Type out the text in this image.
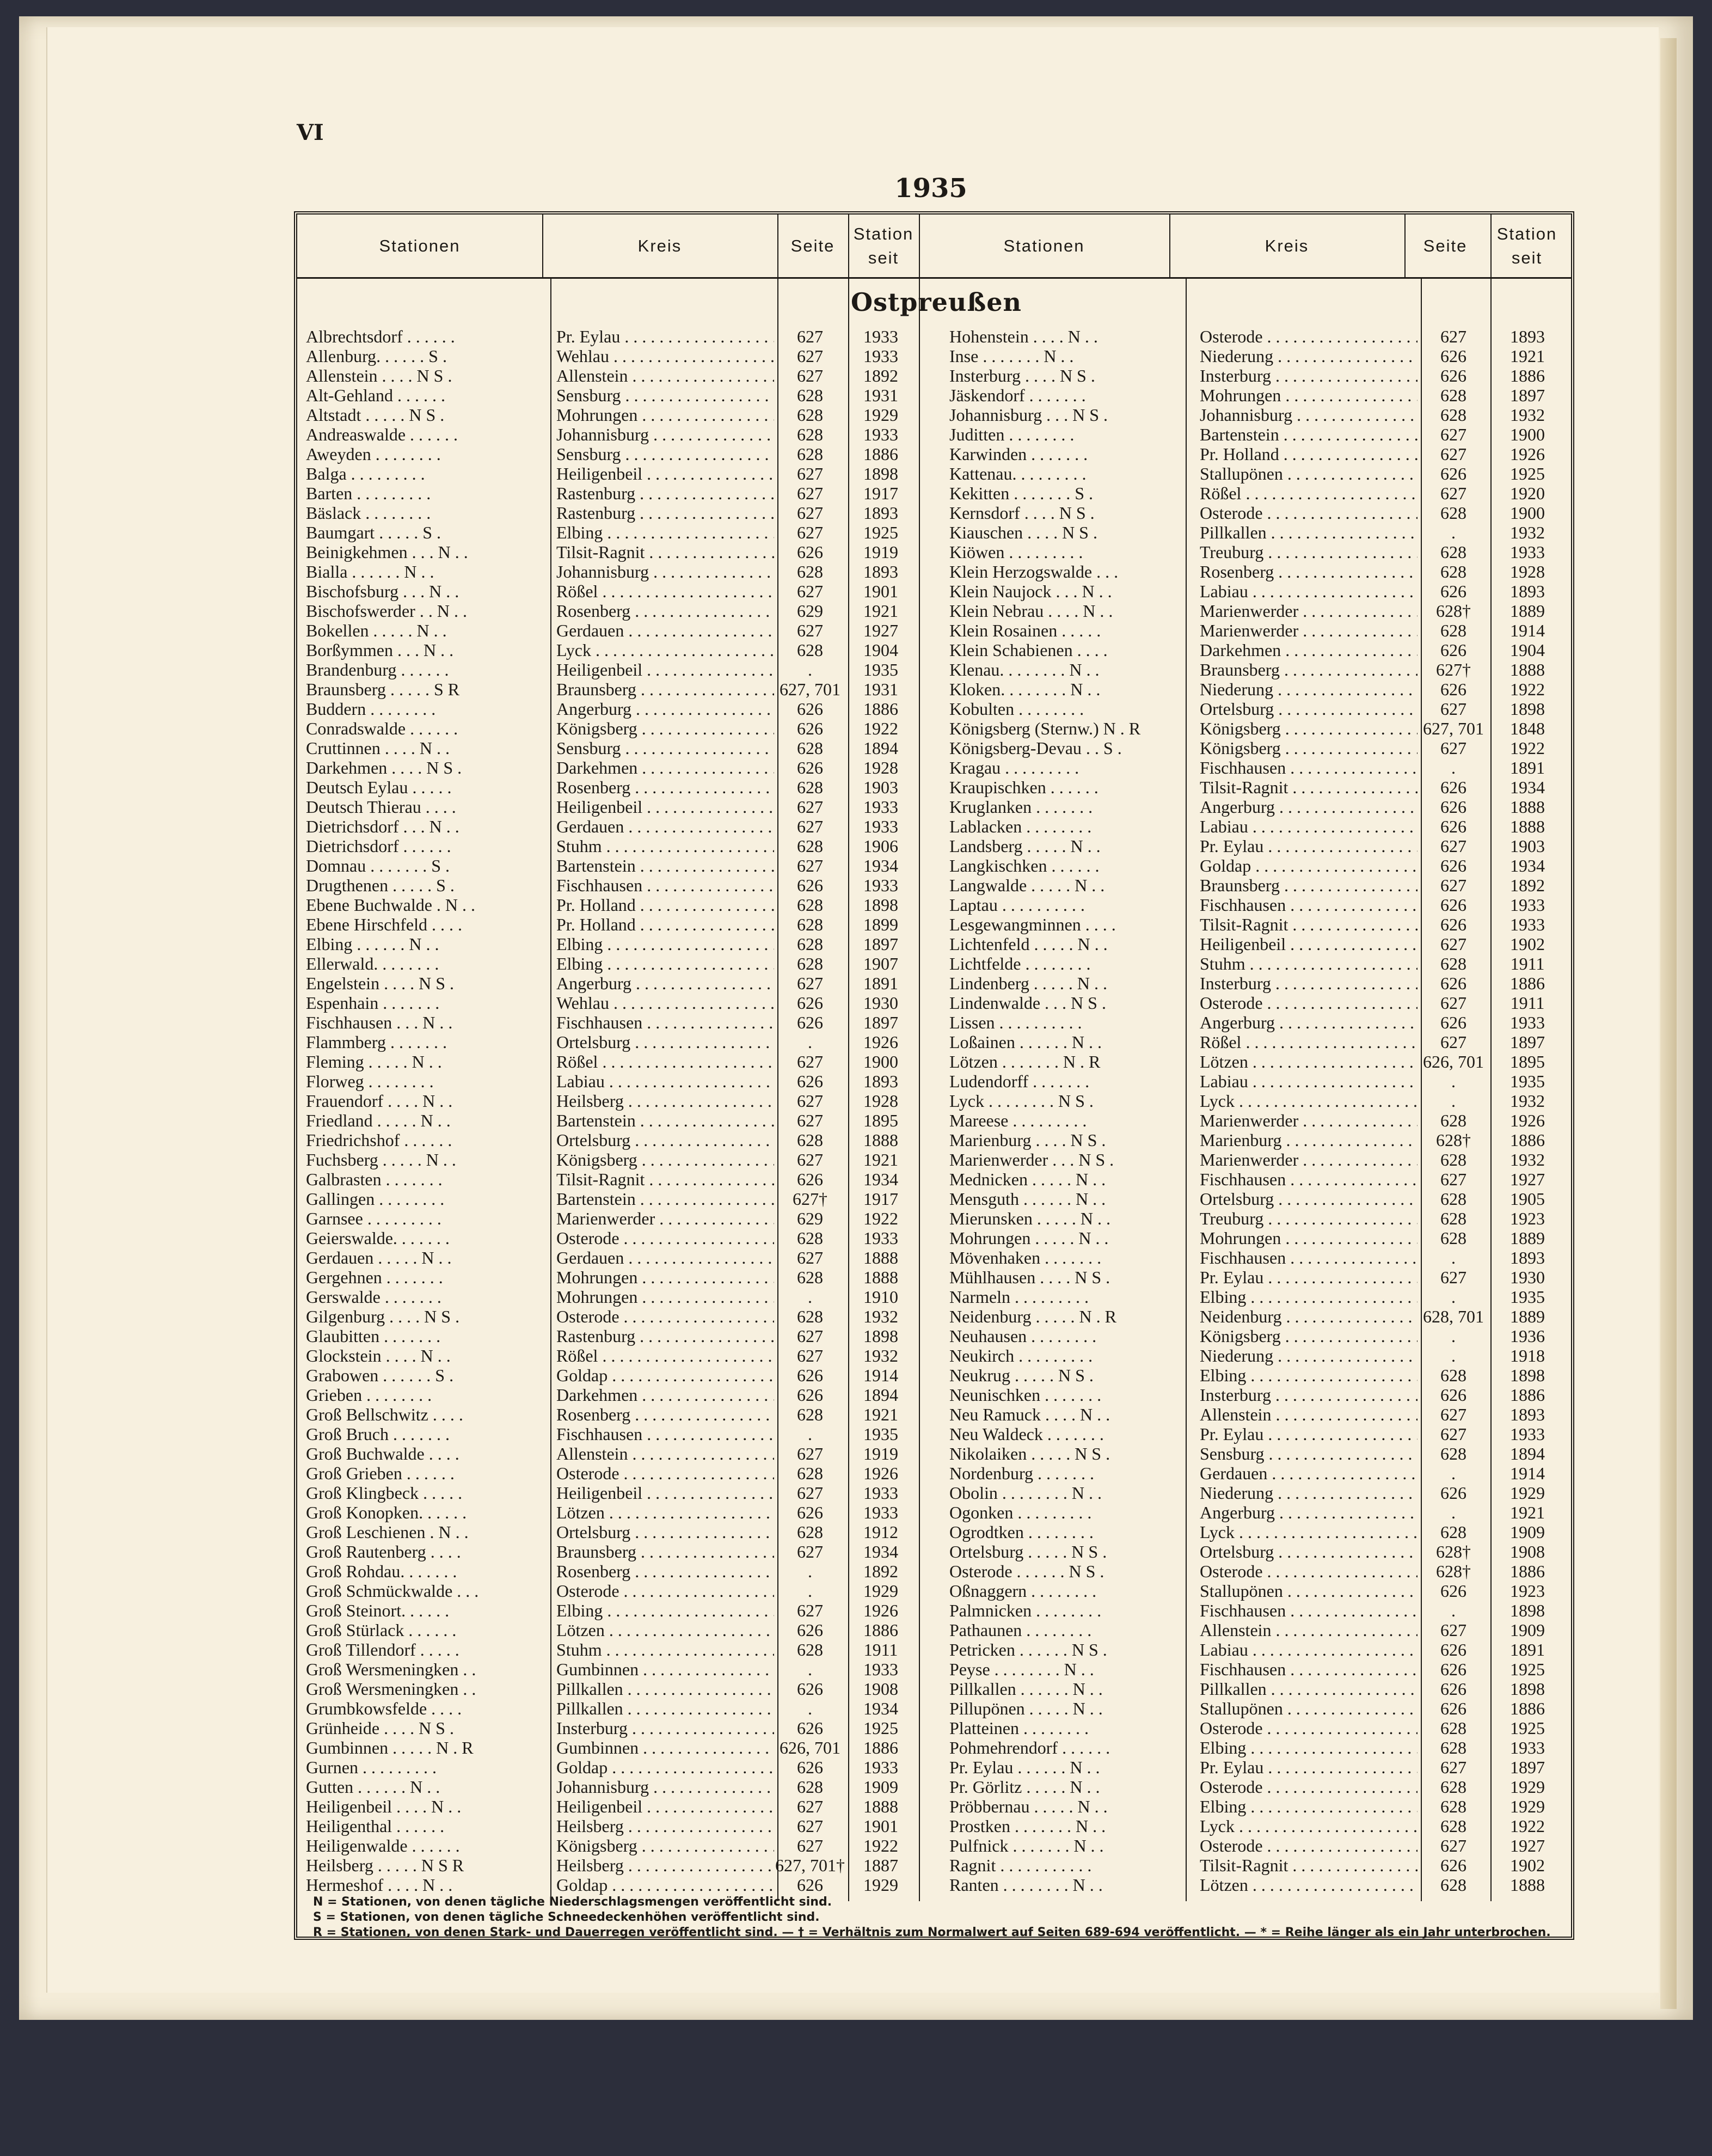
VI
1935
Stationen	Kreis	Seite
Station seit
Stationen	Kreis	Seite
Station seit
Ostpreußen
Albrechtsdorf . . . . . .	Pr. Eylau . . .	627	1933	Hohenstein . . . . N . .	Osterode . . .	627	1893
Allenburg. . . . . . S .	Wehlau . . .	627	1933	Inse . . . . . . . N . .	Niederung . . .	626	1921
Allenstein . . . . N S .	Allenstein . . .	627	1892	Insterburg . . . . N S .	Insterburg . . .	626	1886
Alt-Gehland . . . . . .	Sensburg . . .	628	1931	Jäskendorf . . . . . . .	Mohrungen . . .	628	1897
Altstadt . . . . . N S .	Mohrungen . . .	628	1929	Johannisburg . . . N S .	Johannisburg . . .	628	1932
Andreaswalde . . . . . .	Johannisburg . . .	628	1933	Juditten . . . . . . . .	Bartenstein . . .	627	1900
Aweyden . . . . . . . .	Sensburg . . .	628	1886	Karwinden . . . . . . .	Pr. Holland . . .	627	1926
Balga . . . . . . . . .	Heiligenbeil . . .	627	1898	Kattenau. . . . . . . . .	Stallupönen . . .	626	1925
Barten . . . . . . . . .	Rastenburg . . .	627	1917	Kekitten . . . . . . . S .	Rößel . . .	627	1920
Bäslack . . . . . . . .	Rastenburg . . .	627	1893	Kernsdorf . . . . N S .	Osterode . . .	628	1900
Baumgart . . . . . S .	Elbing . . .	627	1925	Kiauschen . . . . N S .	Pillkallen . . .	.	1932
Beinigkehmen . . . N . .	Tilsit-Ragnit . . .	626	1919	Kiöwen . . . . . . . . .	Treuburg . . .	628	1933
Bialla . . . . . . N . .	Johannisburg . . .	628	1893	Klein Herzogswalde . . .	Rosenberg . . .	628	1928
Bischofsburg . . . N . .	Rößel . . .	627	1901	Klein Naujock . . . N . .	Labiau . . .	626	1893
Bischofswerder . . N . .	Rosenberg . . .	629	1921	Klein Nebrau . . . . N . .	Marienwerder . . .	628†	1889
Bokellen . . . . . N . .	Gerdauen . . .	627	1927	Klein Rosainen . . . . .	Marienwerder . . .	628	1914
Borßymmen . . . N . .	Lyck . . .	628	1904	Klein Schabienen . . . .	Darkehmen . . .	626	1904
Brandenburg . . . . . .	Heiligenbeil . . .	.	1935	Klenau. . . . . . . . N . .	Braunsberg . . .	627†	1888
Braunsberg . . . . . S R	Braunsberg . . .	627, 701	1931	Kloken. . . . . . . . N . .	Niederung . . .	626	1922
Buddern . . . . . . . .	Angerburg . . .	626	1886	Kobulten . . . . . . . .	Ortelsburg . . .	627	1898
Conradswalde . . . . . .	Königsberg . . .	626	1922	Königsberg (Sternw.) N . R	Königsberg . . .	627, 701	1848
Cruttinnen . . . . N . .	Sensburg . . .	628	1894	Königsberg-Devau . . S .	Königsberg . . .	627	1922
Darkehmen . . . . N S .	Darkehmen . . .	626	1928	Kragau . . . . . . . . .	Fischhausen . . .	.	1891
Deutsch Eylau . . . . .	Rosenberg . . .	628	1903	Kraupischken . . . . . .	Tilsit-Ragnit . . .	626	1934
Deutsch Thierau . . . .	Heiligenbeil . . .	627	1933	Kruglanken . . . . . . .	Angerburg . . .	626	1888
Dietrichsdorf . . . N . .	Gerdauen . . .	627	1933	Lablacken . . . . . . . .	Labiau . . .	626	1888
Dietrichsdorf . . . . . .	Stuhm . . .	628	1906	Landsberg . . . . . N . .	Pr. Eylau . . .	627	1903
Domnau . . . . . . . S .	Bartenstein . . .	627	1934	Langkischken . . . . . .	Goldap . . .	626	1934
Drugthenen . . . . . S .	Fischhausen . . .	626	1933	Langwalde . . . . . N . .	Braunsberg . . .	627	1892
Ebene Buchwalde . N . .	Pr. Holland . . .	628	1898	Laptau . . . . . . . . . .	Fischhausen . . .	626	1933
Ebene Hirschfeld . . . .	Pr. Holland . . .	628	1899	Lesgewangminnen . . . .	Tilsit-Ragnit . . .	626	1933
Elbing . . . . . . N . .	Elbing . . .	628	1897	Lichtenfeld . . . . . N . .	Heiligenbeil . . .	627	1902
Ellerwald. . . . . . . .	Elbing . . .	628	1907	Lichtfelde . . . . . . . .	Stuhm . . .	628	1911
Engelstein . . . . N S .	Angerburg . . .	627	1891	Lindenberg . . . . . N . .	Insterburg . . .	626	1886
Espenhain . . . . . . .	Wehlau . . .	626	1930	Lindenwalde . . . N S .	Osterode . . .	627	1911
Fischhausen . . . N . .	Fischhausen . . .	626	1897	Lissen . . . . . . . . . .	Angerburg . . .	626	1933
Flammberg . . . . . . .	Ortelsburg . . .	.	1926	Loßainen . . . . . . N . .	Rößel . . .	627	1897
Fleming . . . . . N . .	Rößel . . .	627	1900	Lötzen . . . . . . . N . R	Lötzen . . .	626, 701	1895
Florweg . . . . . . . .	Labiau . . .	626	1893	Ludendorff . . . . . . .	Labiau . . .	.	1935
Frauendorf . . . . N . .	Heilsberg . . .	627	1928	Lyck . . . . . . . . N S .	Lyck . . .	.	1932
Friedland . . . . . N . .	Bartenstein . . .	627	1895	Mareese . . . . . . . . .	Marienwerder . . .	628	1926
Friedrichshof . . . . . .	Ortelsburg . . .	628	1888	Marienburg . . . . N S .	Marienburg . . .	628†	1886
Fuchsberg . . . . . N . .	Königsberg . . .	627	1921	Marienwerder . . . N S .	Marienwerder . . .	628	1932
Galbrasten . . . . . . .	Tilsit-Ragnit . . .	626	1934	Mednicken . . . . . N . .	Fischhausen . . .	627	1927
Gallingen . . . . . . . .	Bartenstein . . .	627†	1917	Mensguth . . . . . . N . .	Ortelsburg . . .	628	1905
Garnsee . . . . . . . . .	Marienwerder . . .	629	1922	Mierunsken . . . . . N . .	Treuburg . . .	628	1923
Geierswalde. . . . . . .	Osterode . . .	628	1933	Mohrungen . . . . . N . .	Mohrungen . . .	628	1889
Gerdauen . . . . . N . .	Gerdauen . . .	627	1888	Mövenhaken . . . . . . .	Fischhausen . . .	.	1893
Gergehnen . . . . . . .	Mohrungen . . .	628	1888	Mühlhausen . . . . N S .	Pr. Eylau . . .	627	1930
Gerswalde . . . . . . .	Mohrungen . . .	.	1910	Narmeln . . . . . . . . .	Elbing . . .	.	1935
Gilgenburg . . . . N S .	Osterode . . .	628	1932	Neidenburg . . . . . N . R	Neidenburg . . .	628, 701	1889
Glaubitten . . . . . . .	Rastenburg . . .	627	1898	Neuhausen . . . . . . . .	Königsberg . . .	.	1936
Glockstein . . . . N . .	Rößel . . .	627	1932	Neukirch . . . . . . . . .	Niederung . . .	.	1918
Grabowen . . . . . . S .	Goldap . . .	626	1914	Neukrug . . . . . N S .	Elbing . . .	628	1898
Grieben . . . . . . . .	Darkehmen . . .	626	1894	Neunischken . . . . . . .	Insterburg . . .	626	1886
Groß Bellschwitz . . . .	Rosenberg . . .	628	1921	Neu Ramuck . . . . N . .	Allenstein . . .	627	1893
Groß Bruch . . . . . . .	Fischhausen . . .	.	1935	Neu Waldeck . . . . . . .	Pr. Eylau . . .	627	1933
Groß Buchwalde . . . .	Allenstein . . .	627	1919	Nikolaiken . . . . . N S .	Sensburg . . .	628	1894
Groß Grieben . . . . . .	Osterode . . .	628	1926	Nordenburg . . . . . . .	Gerdauen . . .	.	1914
Groß Klingbeck . . . . .	Heiligenbeil . . .	627	1933	Obolin . . . . . . . . N . .	Niederung . . .	626	1929
Groß Konopken. . . . . .	Lötzen . . .	626	1933	Ogonken . . . . . . . . .	Angerburg . . .	.	1921
Groß Leschienen . N . .	Ortelsburg . . .	628	1912	Ogrodtken . . . . . . . .	Lyck . . .	628	1909
Groß Rautenberg . . . .	Braunsberg . . .	627	1934	Ortelsburg . . . . . N S .	Ortelsburg . . .	628†	1908
Groß Rohdau. . . . . . .	Rosenberg . . .	.	1892	Osterode . . . . . . N S .	Osterode . . .	628†	1886
Groß Schmückwalde . . .	Osterode . . .	.	1929	Oßnaggern . . . . . . . .	Stallupönen . . .	626	1923
Groß Steinort. . . . . .	Elbing . . .	627	1926	Palmnicken . . . . . . . .	Fischhausen . . .	.	1898
Groß Stürlack . . . . . .	Lötzen . . .	626	1886	Pathaunen . . . . . . . .	Allenstein . . .	627	1909
Groß Tillendorf . . . . .	Stuhm . . .	628	1911	Petricken . . . . . . N S .	Labiau . . .	626	1891
Groß Wersmeningken . .	Gumbinnen . . .	.	1933	Peyse . . . . . . . . N . .	Fischhausen . . .	626	1925
Groß Wersmeningken . .	Pillkallen . . .	626	1908	Pillkallen . . . . . . N . .	Pillkallen . . .	626	1898
Grumbkowsfelde . . . .	Pillkallen . . .	.	1934	Pillupönen . . . . . N . .	Stallupönen . . .	626	1886
Grünheide . . . . N S .	Insterburg . . .	626	1925	Platteinen . . . . . . . .	Osterode . . .	628	1925
Gumbinnen . . . . . N . R	Gumbinnen . . .	626, 701	1886	Pohmehrendorf . . . . . .	Elbing . . .	628	1933
Gurnen . . . . . . . . .	Goldap . . .	626	1933	Pr. Eylau . . . . . . N . .	Pr. Eylau . . .	627	1897
Gutten . . . . . . N . .	Johannisburg . . .	628	1909	Pr. Görlitz . . . . . N . .	Osterode . . .	628	1929
Heiligenbeil . . . . N . .	Heiligenbeil . . .	627	1888	Pröbbernau . . . . . N . .	Elbing . . .	628	1929
Heiligenthal . . . . . .	Heilsberg . . .	627	1901	Prostken . . . . . . . N . .	Lyck . . .	628	1922
Heiligenwalde . . . . . .	Königsberg . . .	627	1922	Pulfnick . . . . . . . N . .	Osterode . . .	627	1927
Heilsberg . . . . . N S R	Heilsberg . . .	627, 701†	1887	Ragnit . . . . . . . . . . .	Tilsit-Ragnit . . .	626	1902
Hermeshof . . . . N . .	Goldap . . .	626	1929	Ranten . . . . . . . . N . .	Lötzen . . .	628	1888
N = Stationen, von denen tägliche Niederschlagsmengen veröffentlicht sind.
S = Stationen, von denen tägliche Schneedeckenhöhen veröffentlicht sind.
R = Stationen, von denen Stark- und Dauerregen veröffentlicht sind. — † = Verhältnis zum Normalwert auf Seiten 689-694 veröffentlicht. — * = Reihe länger als ein Jahr unterbrochen.
